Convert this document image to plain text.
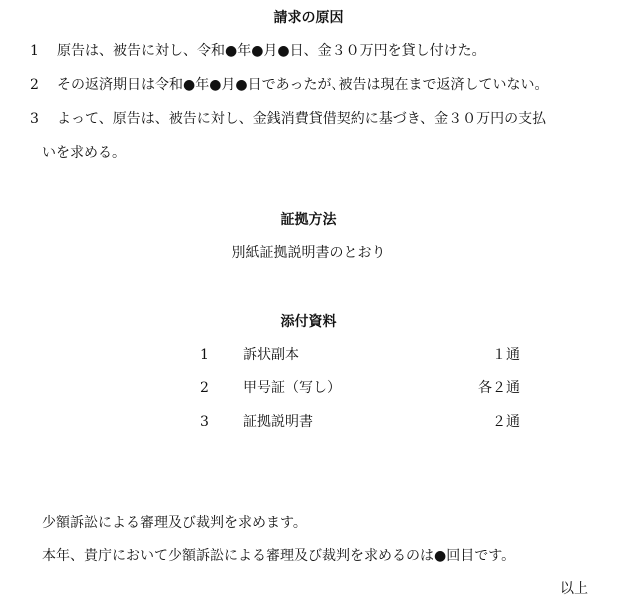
請求の原因
1 原告は、被告に対し、令和●年●月●日、金３０万円を貸し付けた。
2 その返済期日は令和●年●月●日であったが､被告は現在まで返済していない。
3 よって、原告は、被告に対し、金銭消費貸借契約に基づき、金３０万円の支払
いを求める。
証拠方法
別紙証拠説明書のとおり
添付資料
1 訴状副本	１通
2 甲号証（写し）	各２通
3 証拠説明書	２通
少額訴訟による審理及び裁判を求めます。
本年、貴庁において少額訴訟による審理及び裁判を求めるのは●回目です。
以上
